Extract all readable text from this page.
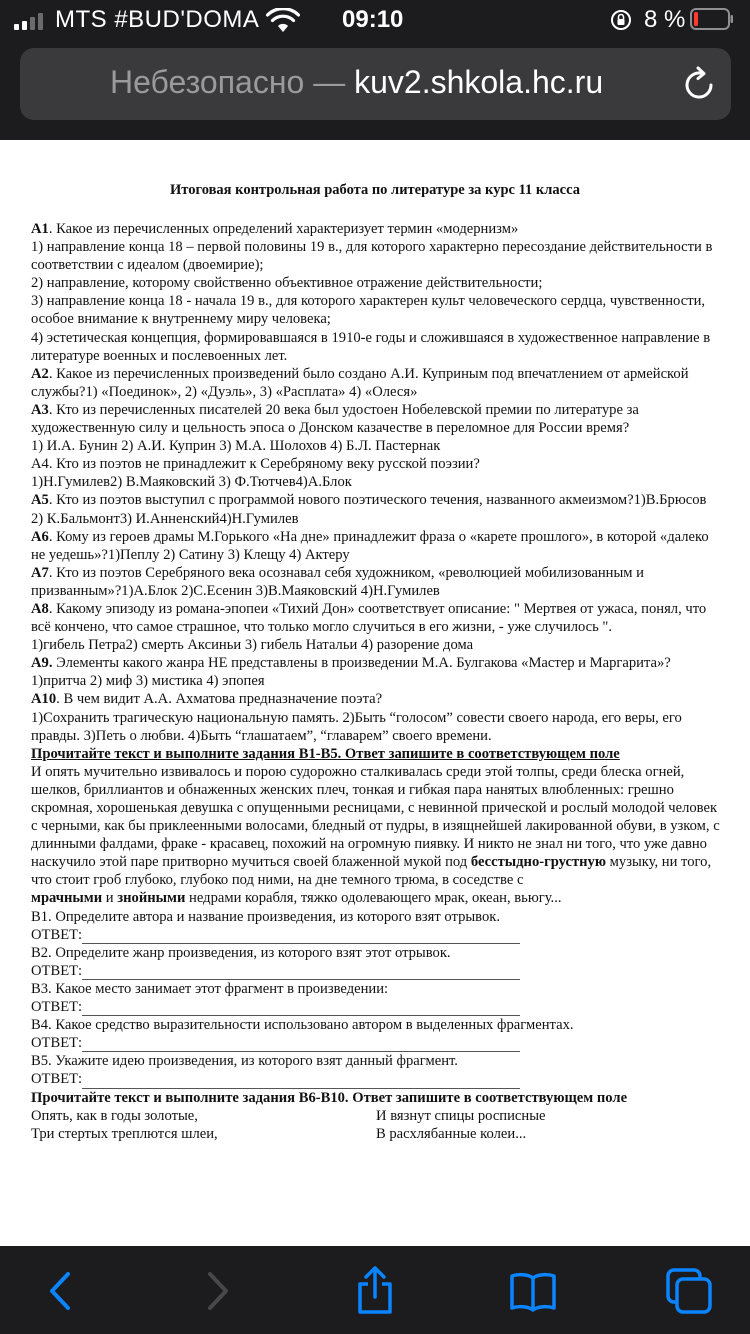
MTS #BUD'DOMA	09:10	8 %
Небезопасно — kuv2.shkola.hc.ru
Итоговая контрольная работа по литературе за курс 11 класса

А1. Какое из перечисленных определений характеризует термин «модернизм»

1) направление конца 18 – первой половины 19 в., для которого характерно пересоздание действительности в соответствии с идеалом (двоемирие);

2) направление, которому свойственно объективное отражение действительности;

3) направление конца 18 - начала 19 в., для которого характерен культ человеческого сердца, чувственности, особое внимание к внутреннему миру человека;

4) эстетическая концепция, формировавшаяся в 1910-е годы и сложившаяся в художественное направление в литературе военных и послевоенных лет.

А2. Какое из перечисленных произведений было создано А.И. Куприным под впечатлением от армейской службы?1) «Поединок», 2) «Дуэль», 3) «Расплата» 4) «Олеся»

А3. Кто из перечисленных писателей 20 века был удостоен Нобелевской премии по литературе за художественную силу и цельность эпоса о Донском казачестве в переломное для России время?

1) И.А. Бунин 2) А.И. Куприн 3) М.А. Шолохов 4) Б.Л. Пастернак

А4. Кто из поэтов не принадлежит к Серебряному веку русской поэзии?

1)Н.Гумилев2) В.Маяковский 3) Ф.Тютчев4)А.Блок

А5. Кто из поэтов выступил с программой нового поэтического течения, названного акмеизмом?1)В.Брюсов 2) К.Бальмонт3) И.Анненский4)Н.Гумилев

А6. Кому из героев драмы М.Горького «На дне» принадлежит фраза о «карете прошлого», в которой «далеко не уедешь»?1)Пеплу 2) Сатину 3) Клещу 4) Актеру

А7. Кто из поэтов Серебряного века осознавал себя художником, «революцией мобилизованным и призванным»?1)А.Блок 2)С.Есенин 3)В.Маяковский 4)Н.Гумилев

А8. Какому эпизоду из романа-эпопеи «Тихий Дон» соответствует описание: " Мертвея от ужаса, понял, что всё кончено, что самое страшное, что только могло случиться в его жизни, - уже случилось ".

1)гибель Петра2) смерть Аксиньи 3) гибель Натальи 4) разорение дома

А9. Элементы какого жанра НЕ представлены в произведении М.А. Булгакова «Мастер и Маргарита»?1)притча 2) миф 3) мистика 4) эпопея

А10. В чем видит А.А. Ахматова предназначение поэта?

1)Сохранить трагическую национальную память. 2)Быть “голосом” совести своего народа, его веры, его правды. 3)Петь о любви. 4)Быть “глашатаем”, “главарем” своего времени.

Прочитайте текст и выполните задания В1-В5. Ответ запишите в соответствующем поле

И опять мучительно извивалось и порою судорожно сталкивалась среди этой толпы, среди блеска огней, шелков, бриллиантов и обнаженных женских плеч, тонкая и гибкая пара нанятых влюбленных: грешно скромная, хорошенькая девушка с опущенными ресницами, с невинной прической и рослый молодой человек с черными, как бы приклеенными волосами, бледный от пудры, в изящнейшей лакированной обуви, в узком, с длинными фалдами, фраке - красавец, похожий на огромную пиявку. И никто не знал ни того, что уже давно наскучило этой паре притворно мучиться своей блаженной мукой под бесстыдно-грустную музыку, ни того, что стоит гроб глубоко, глубоко под ними, на дне темного трюма, в соседстве с
мрачными и знойными недрами корабля, тяжко одолевающего мрак, океан, вьюгу...

В1. Определите автора и название произведения, из которого взят отрывок.

ОТВЕТ:

В2. Определите жанр произведения, из которого взят этот отрывок.

ОТВЕТ:

В3. Какое место занимает этот фрагмент в произведении:

ОТВЕТ:

В4. Какое средство выразительности использовано автором в выделенных фрагментах.

ОТВЕТ:

В5. Укажите идею произведения, из которого взят данный фрагмент.

ОТВЕТ:

Прочитайте текст и выполните задания В6-В10. Ответ запишите в соответствующем поле

Опять, как в годы золотые,

Три стертых треплются шлеи,

И вязнут спицы росписные

В расхлябанные колеи...
